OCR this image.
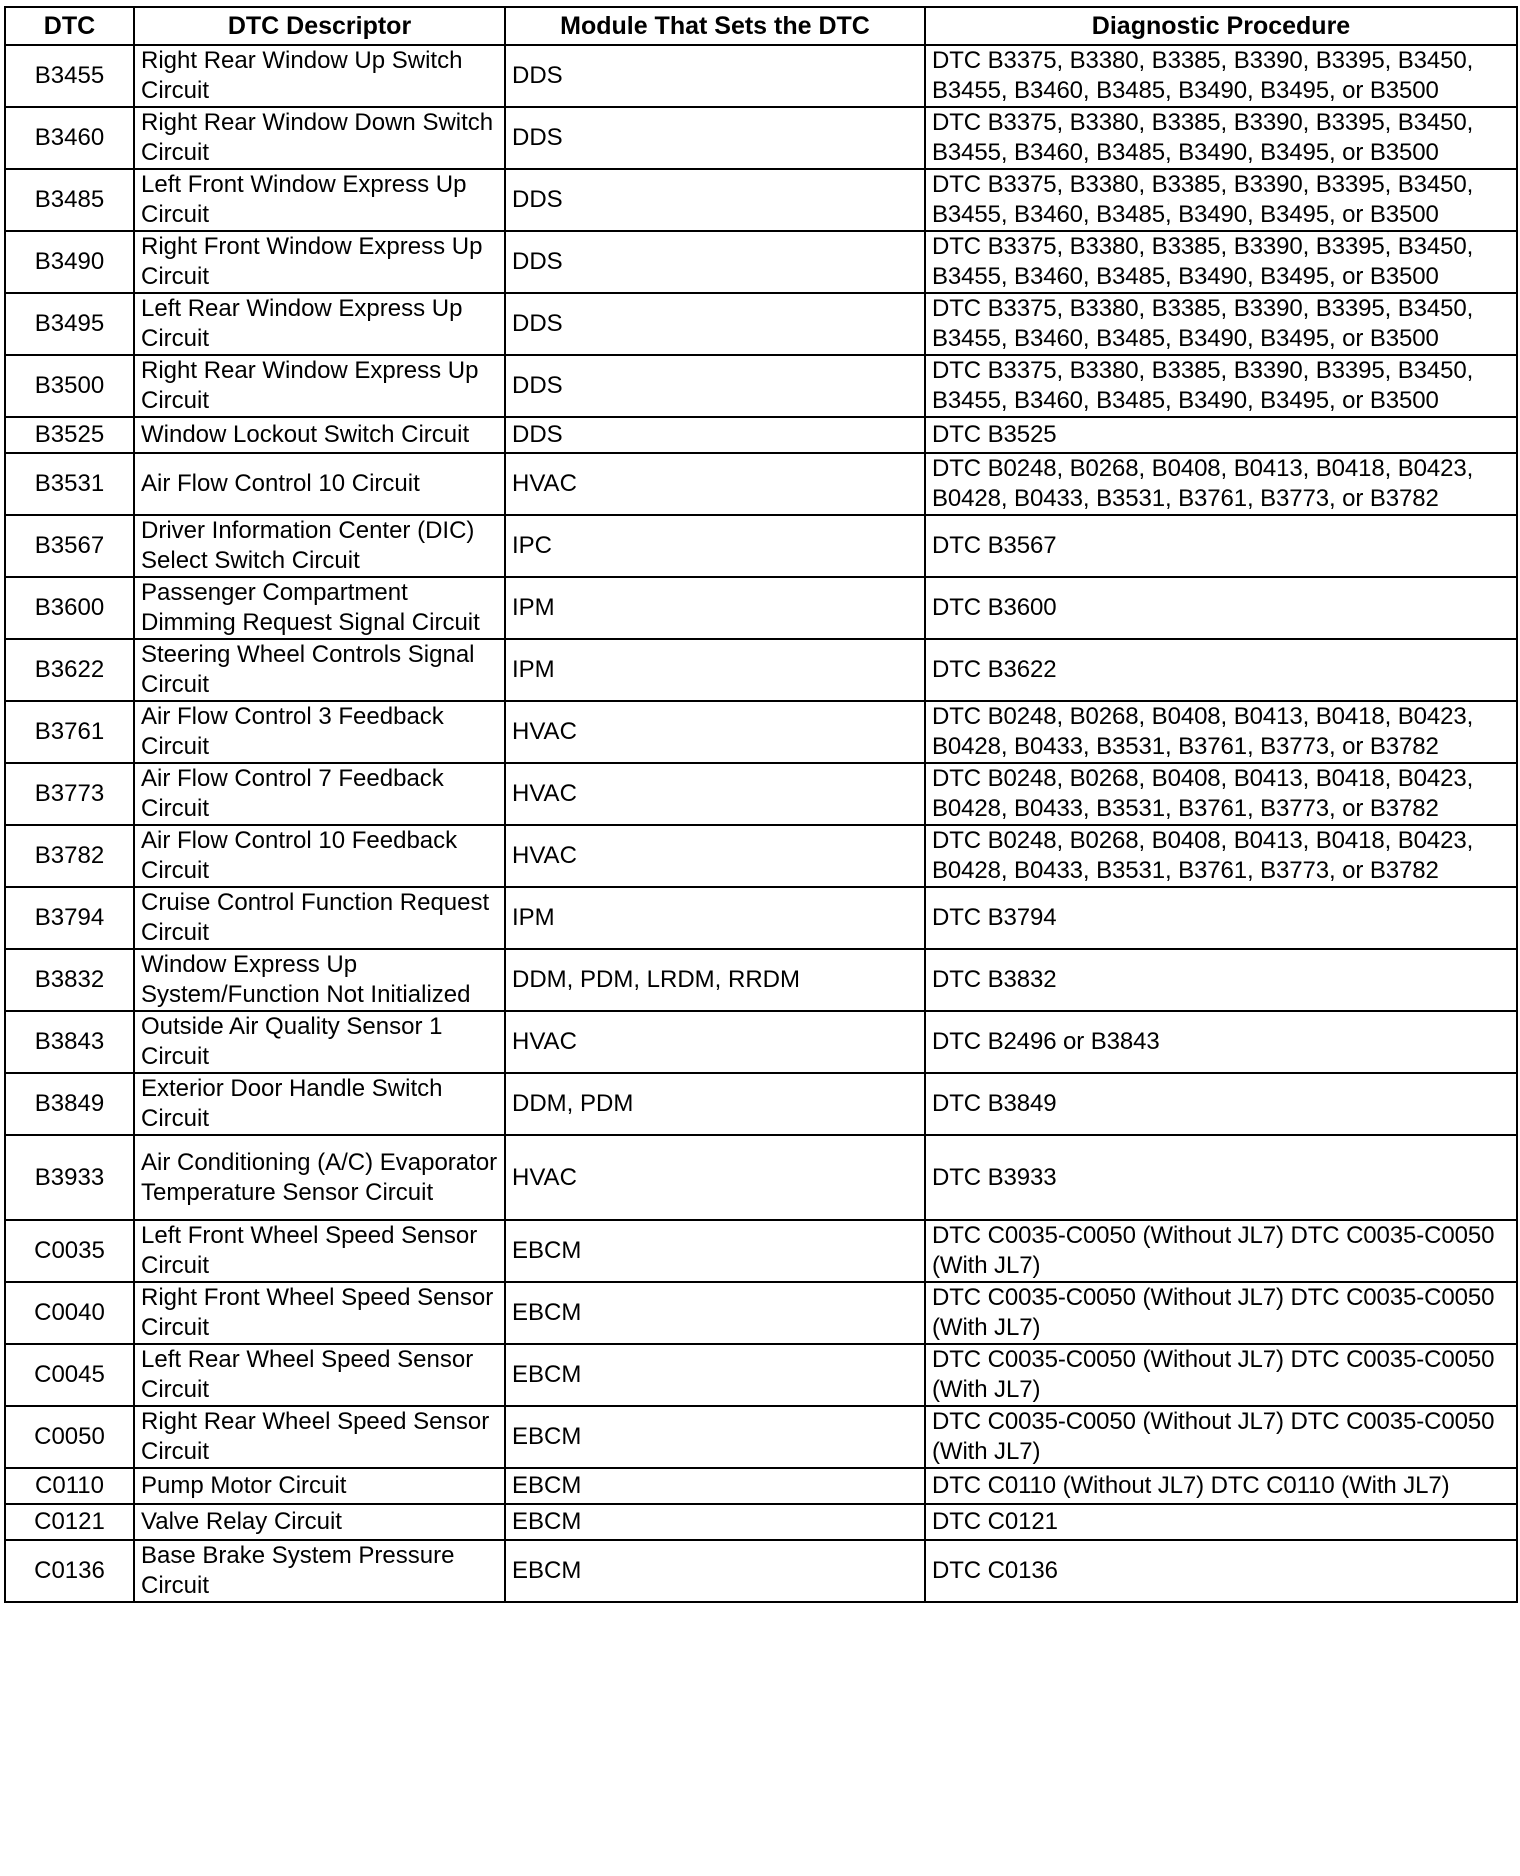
DTC	DTC Descriptor	Module That Sets the DTC	Diagnostic Procedure
B3455	Right Rear Window Up Switch Circuit	DDS	DTC B3375, B3380, B3385, B3390, B3395, B3450, B3455, B3460, B3485, B3490, B3495, or B3500
B3460	Right Rear Window Down Switch Circuit	DDS	DTC B3375, B3380, B3385, B3390, B3395, B3450, B3455, B3460, B3485, B3490, B3495, or B3500
B3485	Left Front Window Express Up Circuit	DDS	DTC B3375, B3380, B3385, B3390, B3395, B3450, B3455, B3460, B3485, B3490, B3495, or B3500
B3490	Right Front Window Express Up Circuit	DDS	DTC B3375, B3380, B3385, B3390, B3395, B3450, B3455, B3460, B3485, B3490, B3495, or B3500
B3495	Left Rear Window Express Up Circuit	DDS	DTC B3375, B3380, B3385, B3390, B3395, B3450, B3455, B3460, B3485, B3490, B3495, or B3500
B3500	Right Rear Window Express Up Circuit	DDS	DTC B3375, B3380, B3385, B3390, B3395, B3450, B3455, B3460, B3485, B3490, B3495, or B3500
B3525	Window Lockout Switch Circuit	DDS	DTC B3525
B3531	Air Flow Control 10 Circuit	HVAC	DTC B0248, B0268, B0408, B0413, B0418, B0423, B0428, B0433, B3531, B3761, B3773, or B3782
B3567	Driver Information Center (DIC) Select Switch Circuit	IPC	DTC B3567
B3600	Passenger Compartment Dimming Request Signal Circuit	IPM	DTC B3600
B3622	Steering Wheel Controls Signal Circuit	IPM	DTC B3622
B3761	Air Flow Control 3 Feedback Circuit	HVAC	DTC B0248, B0268, B0408, B0413, B0418, B0423, B0428, B0433, B3531, B3761, B3773, or B3782
B3773	Air Flow Control 7 Feedback Circuit	HVAC	DTC B0248, B0268, B0408, B0413, B0418, B0423, B0428, B0433, B3531, B3761, B3773, or B3782
B3782	Air Flow Control 10 Feedback Circuit	HVAC	DTC B0248, B0268, B0408, B0413, B0418, B0423, B0428, B0433, B3531, B3761, B3773, or B3782
B3794	Cruise Control Function Request Circuit	IPM	DTC B3794
B3832	Window Express Up System/Function Not Initialized	DDM, PDM, LRDM, RRDM	DTC B3832
B3843	Outside Air Quality Sensor 1 Circuit	HVAC	DTC B2496 or B3843
B3849	Exterior Door Handle Switch Circuit	DDM, PDM	DTC B3849
B3933	Air Conditioning (A/C) Evaporator Temperature Sensor Circuit	HVAC	DTC B3933
C0035	Left Front Wheel Speed Sensor Circuit	EBCM	DTC C0035-C0050 (Without JL7) DTC C0035-C0050 (With JL7)
C0040	Right Front Wheel Speed Sensor Circuit	EBCM	DTC C0035-C0050 (Without JL7) DTC C0035-C0050 (With JL7)
C0045	Left Rear Wheel Speed Sensor Circuit	EBCM	DTC C0035-C0050 (Without JL7) DTC C0035-C0050 (With JL7)
C0050	Right Rear Wheel Speed Sensor Circuit	EBCM	DTC C0035-C0050 (Without JL7) DTC C0035-C0050 (With JL7)
C0110	Pump Motor Circuit	EBCM	DTC C0110 (Without JL7) DTC C0110 (With JL7)
C0121	Valve Relay Circuit	EBCM	DTC C0121
C0136	Base Brake System Pressure Circuit	EBCM	DTC C0136
